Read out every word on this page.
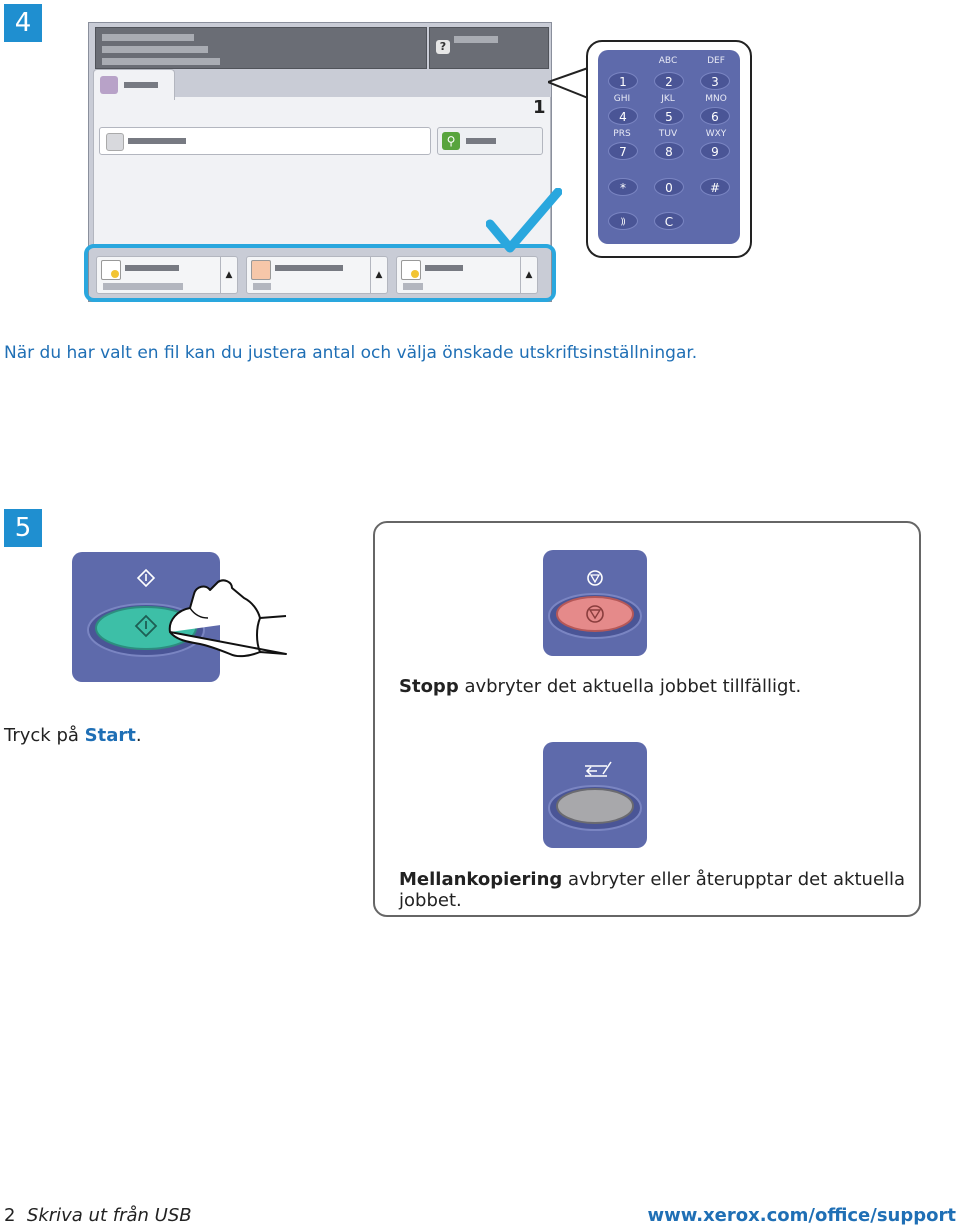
4
?
1
⚲
▲	▲	▲
ABC	DEF
1	2	3
GHI	JKL	MNO
4	5	6
PRS	TUV	WXY
7	8	9
*	0	#
⸩	C
När du har valt en fil kan du justera antal och välja önskade utskriftsinställningar.
5
Tryck på Start.
Stopp avbryter det aktuella jobbet tillfälligt.
Mellankopiering avbryter eller återupptar det aktuella jobbet.
2 Skriva ut från USB	www.xerox.com/office/support
